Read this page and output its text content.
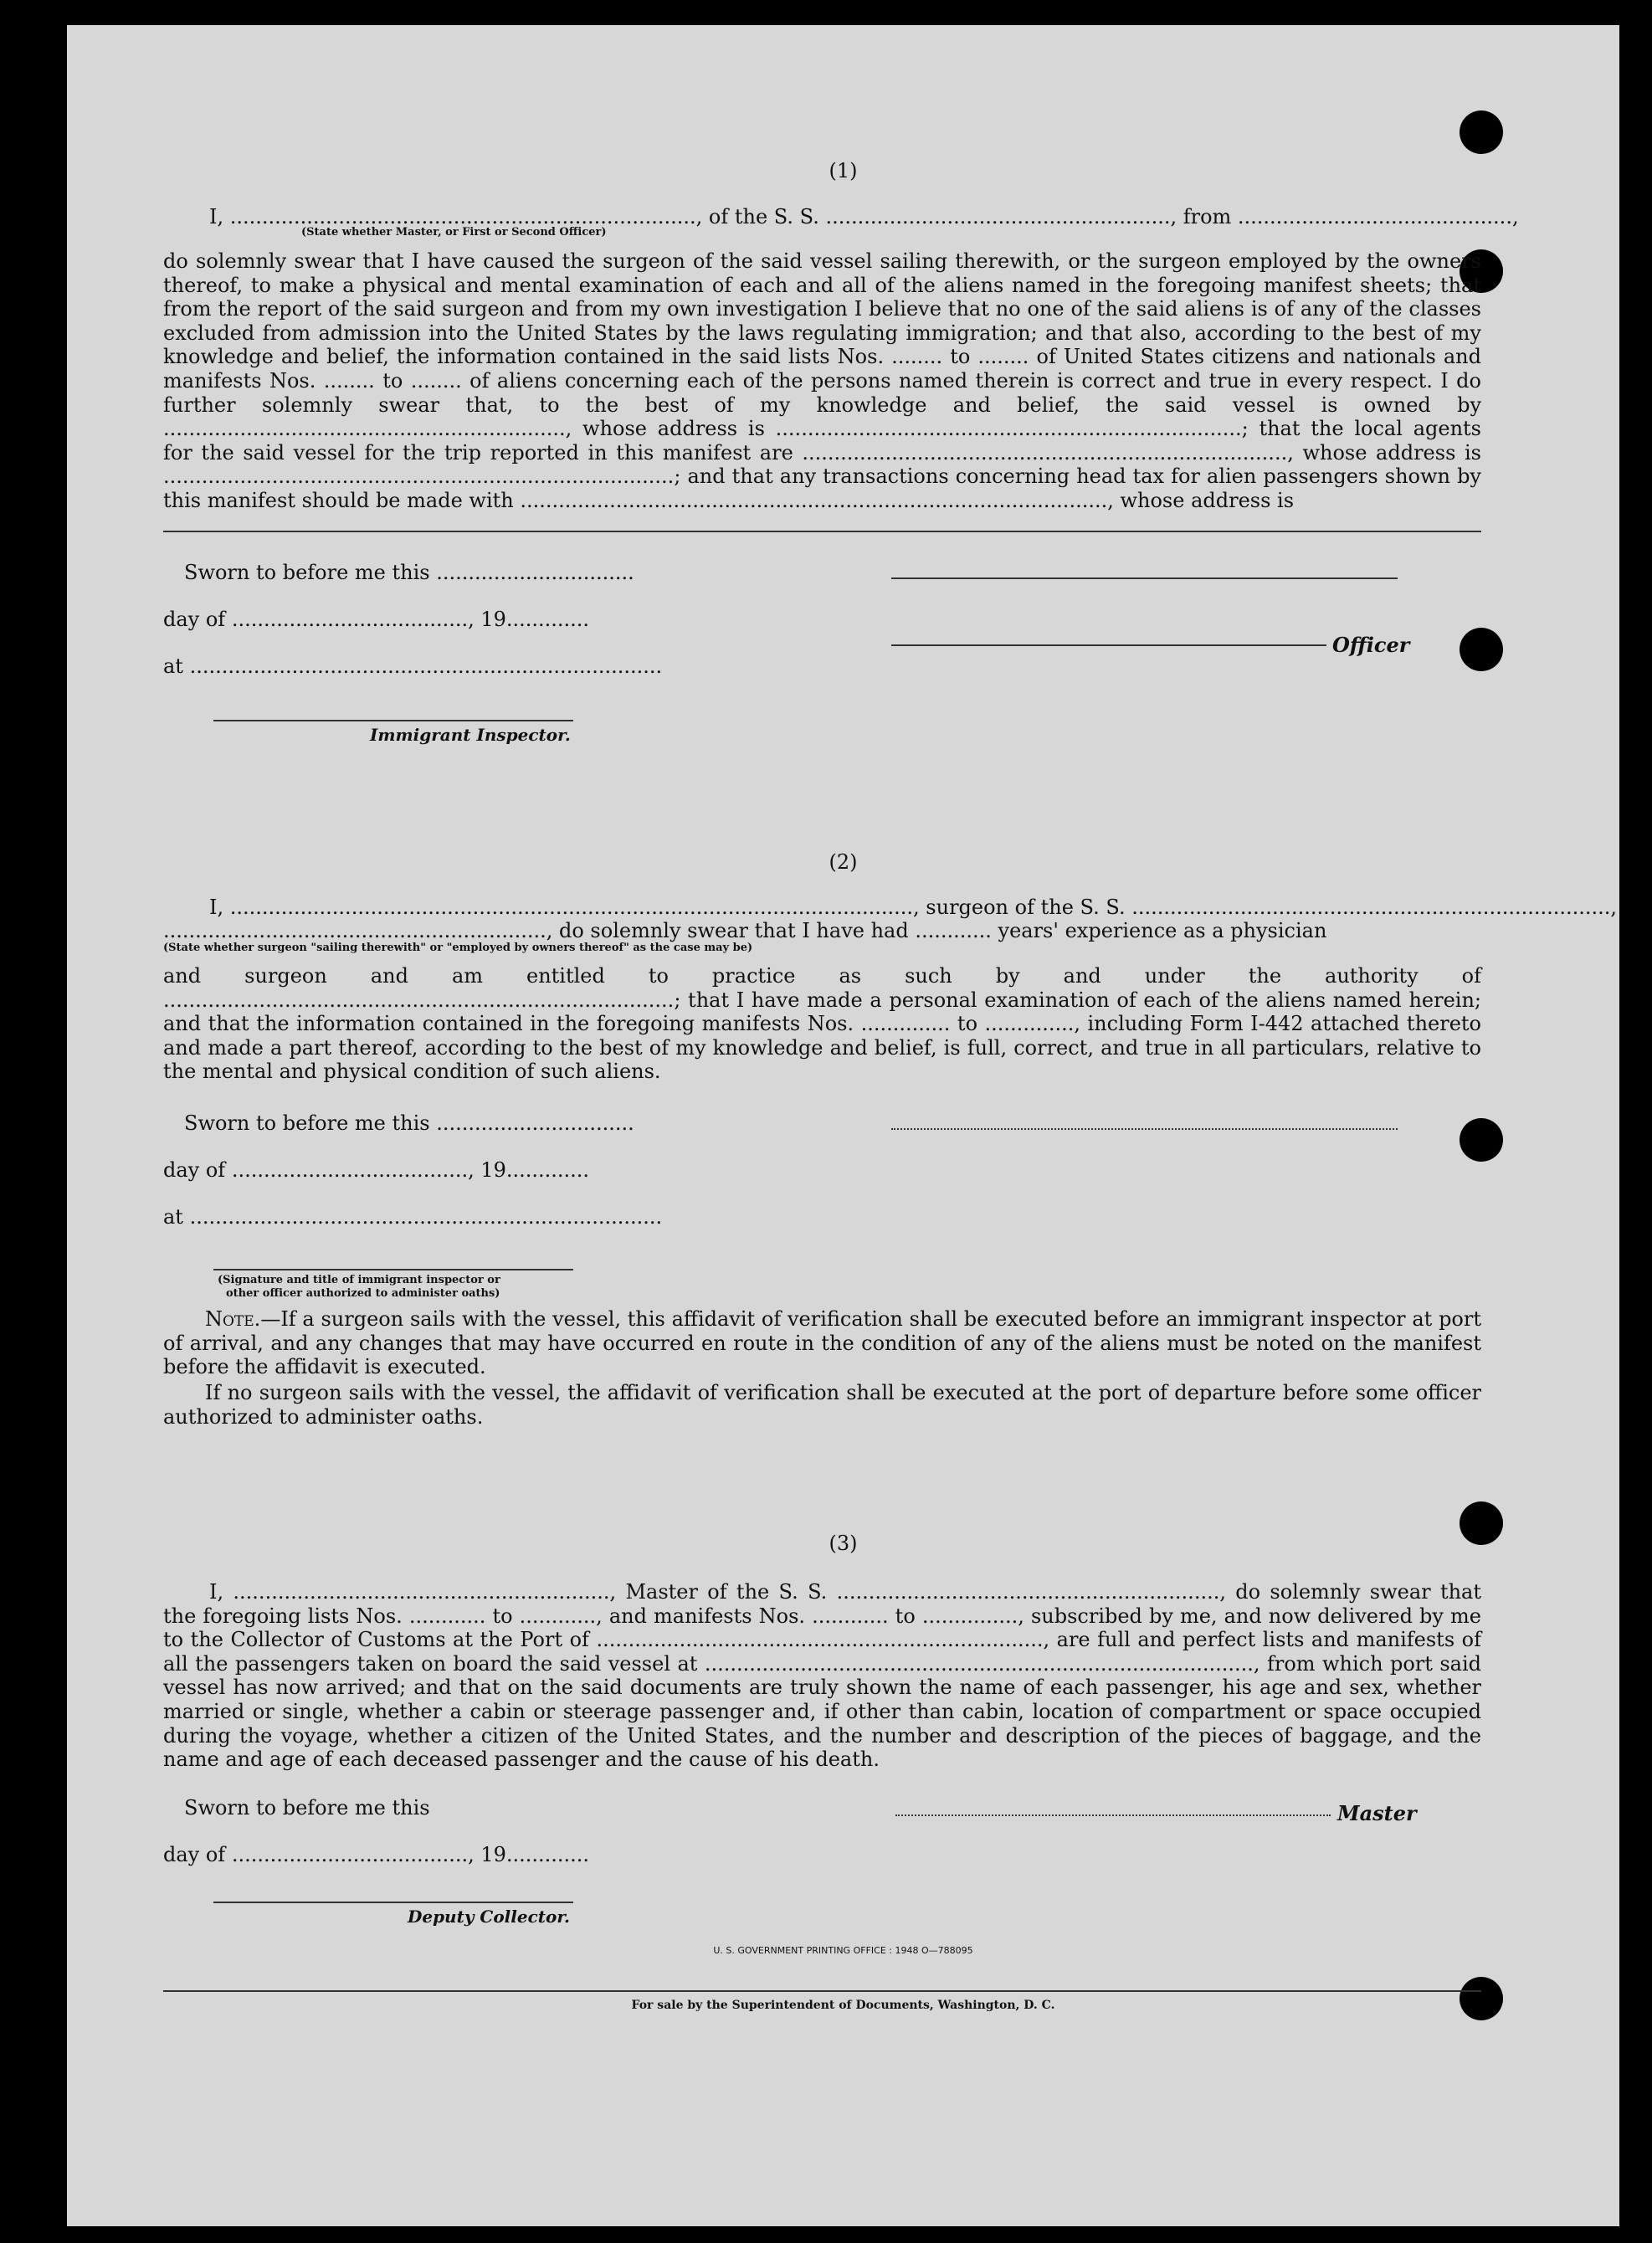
(1)
I, ........................................................................., of the S. S. ......................................................, from ...........................................,
(State whether Master, or First or Second Officer)
do solemnly swear that I have caused the surgeon of the said vessel sailing therewith, or the surgeon employed by the owners thereof, to make a physical and mental examination of each and all of the aliens named in the foregoing manifest sheets; that from the report of the said surgeon and from my own investigation I believe that no one of the said aliens is of any of the classes excluded from admission into the United States by the laws regulating immigration; and that also, according to the best of my knowledge and belief, the information contained in the said lists Nos. ........ to ........ of United States citizens and nationals and manifests Nos. ........ to ........ of aliens concerning each of the persons named therein is correct and true in every respect. I do further solemnly swear that, to the best of my knowledge and belief, the said vessel is owned by ..............................................................., whose address is .........................................................................; that the local agents for the said vessel for the trip reported in this manifest are ............................................................................, whose address is ................................................................................; and that any transactions concerning head tax for alien passengers shown by this manifest should be made with ............................................................................................, whose address is
Sworn to before me this ...............................
day of ....................................., 19.............
Officer
at ..........................................................................
Immigrant Inspector.
(2)
I, ..........................................................................................................., surgeon of the S. S. ...........................................................................,
............................................................, do solemnly swear that I have had ............ years' experience as a physician
(State whether surgeon "sailing therewith" or "employed by owners thereof" as the case may be)
and surgeon and am entitled to practice as such by and under the authority of ................................................................................; that I have made a personal examination of each of the aliens named herein; and that the information contained in the foregoing manifests Nos. .............. to .............., including Form I-442 attached thereto and made a part thereof, according to the best of my knowledge and belief, is full, correct, and true in all particulars, relative to the mental and physical condition of such aliens.
Sworn to before me this ...............................
day of ....................................., 19.............
at ..........................................................................
(Signature and title of immigrant inspector or
other officer authorized to administer oaths)
Note.—If a surgeon sails with the vessel, this affidavit of verification shall be executed before an immigrant inspector at port of arrival, and any changes that may have occurred en route in the condition of any of the aliens must be noted on the manifest before the affidavit is executed.
If no surgeon sails with the vessel, the affidavit of verification shall be executed at the port of departure before some officer authorized to administer oaths.
(3)
I, ..........................................................., Master of the S. S. ............................................................, do solemnly swear that the foregoing lists Nos. ............ to ............, and manifests Nos. ............ to ..............., subscribed by me, and now delivered by me to the Collector of Customs at the Port of ......................................................................, are full and perfect lists and manifests of all the passengers taken on board the said vessel at ......................................................................................, from which port said vessel has now arrived; and that on the said documents are truly shown the name of each passenger, his age and sex, whether married or single, whether a cabin or steerage passenger and, if other than cabin, location of compartment or space occupied during the voyage, whether a citizen of the United States, and the number and description of the pieces of baggage, and the name and age of each deceased passenger and the cause of his death.
Sworn to before me this	Master
day of ....................................., 19.............
Deputy Collector.
U. S. GOVERNMENT PRINTING OFFICE : 1948 O—788095
For sale by the Superintendent of Documents, Washington, D. C.
